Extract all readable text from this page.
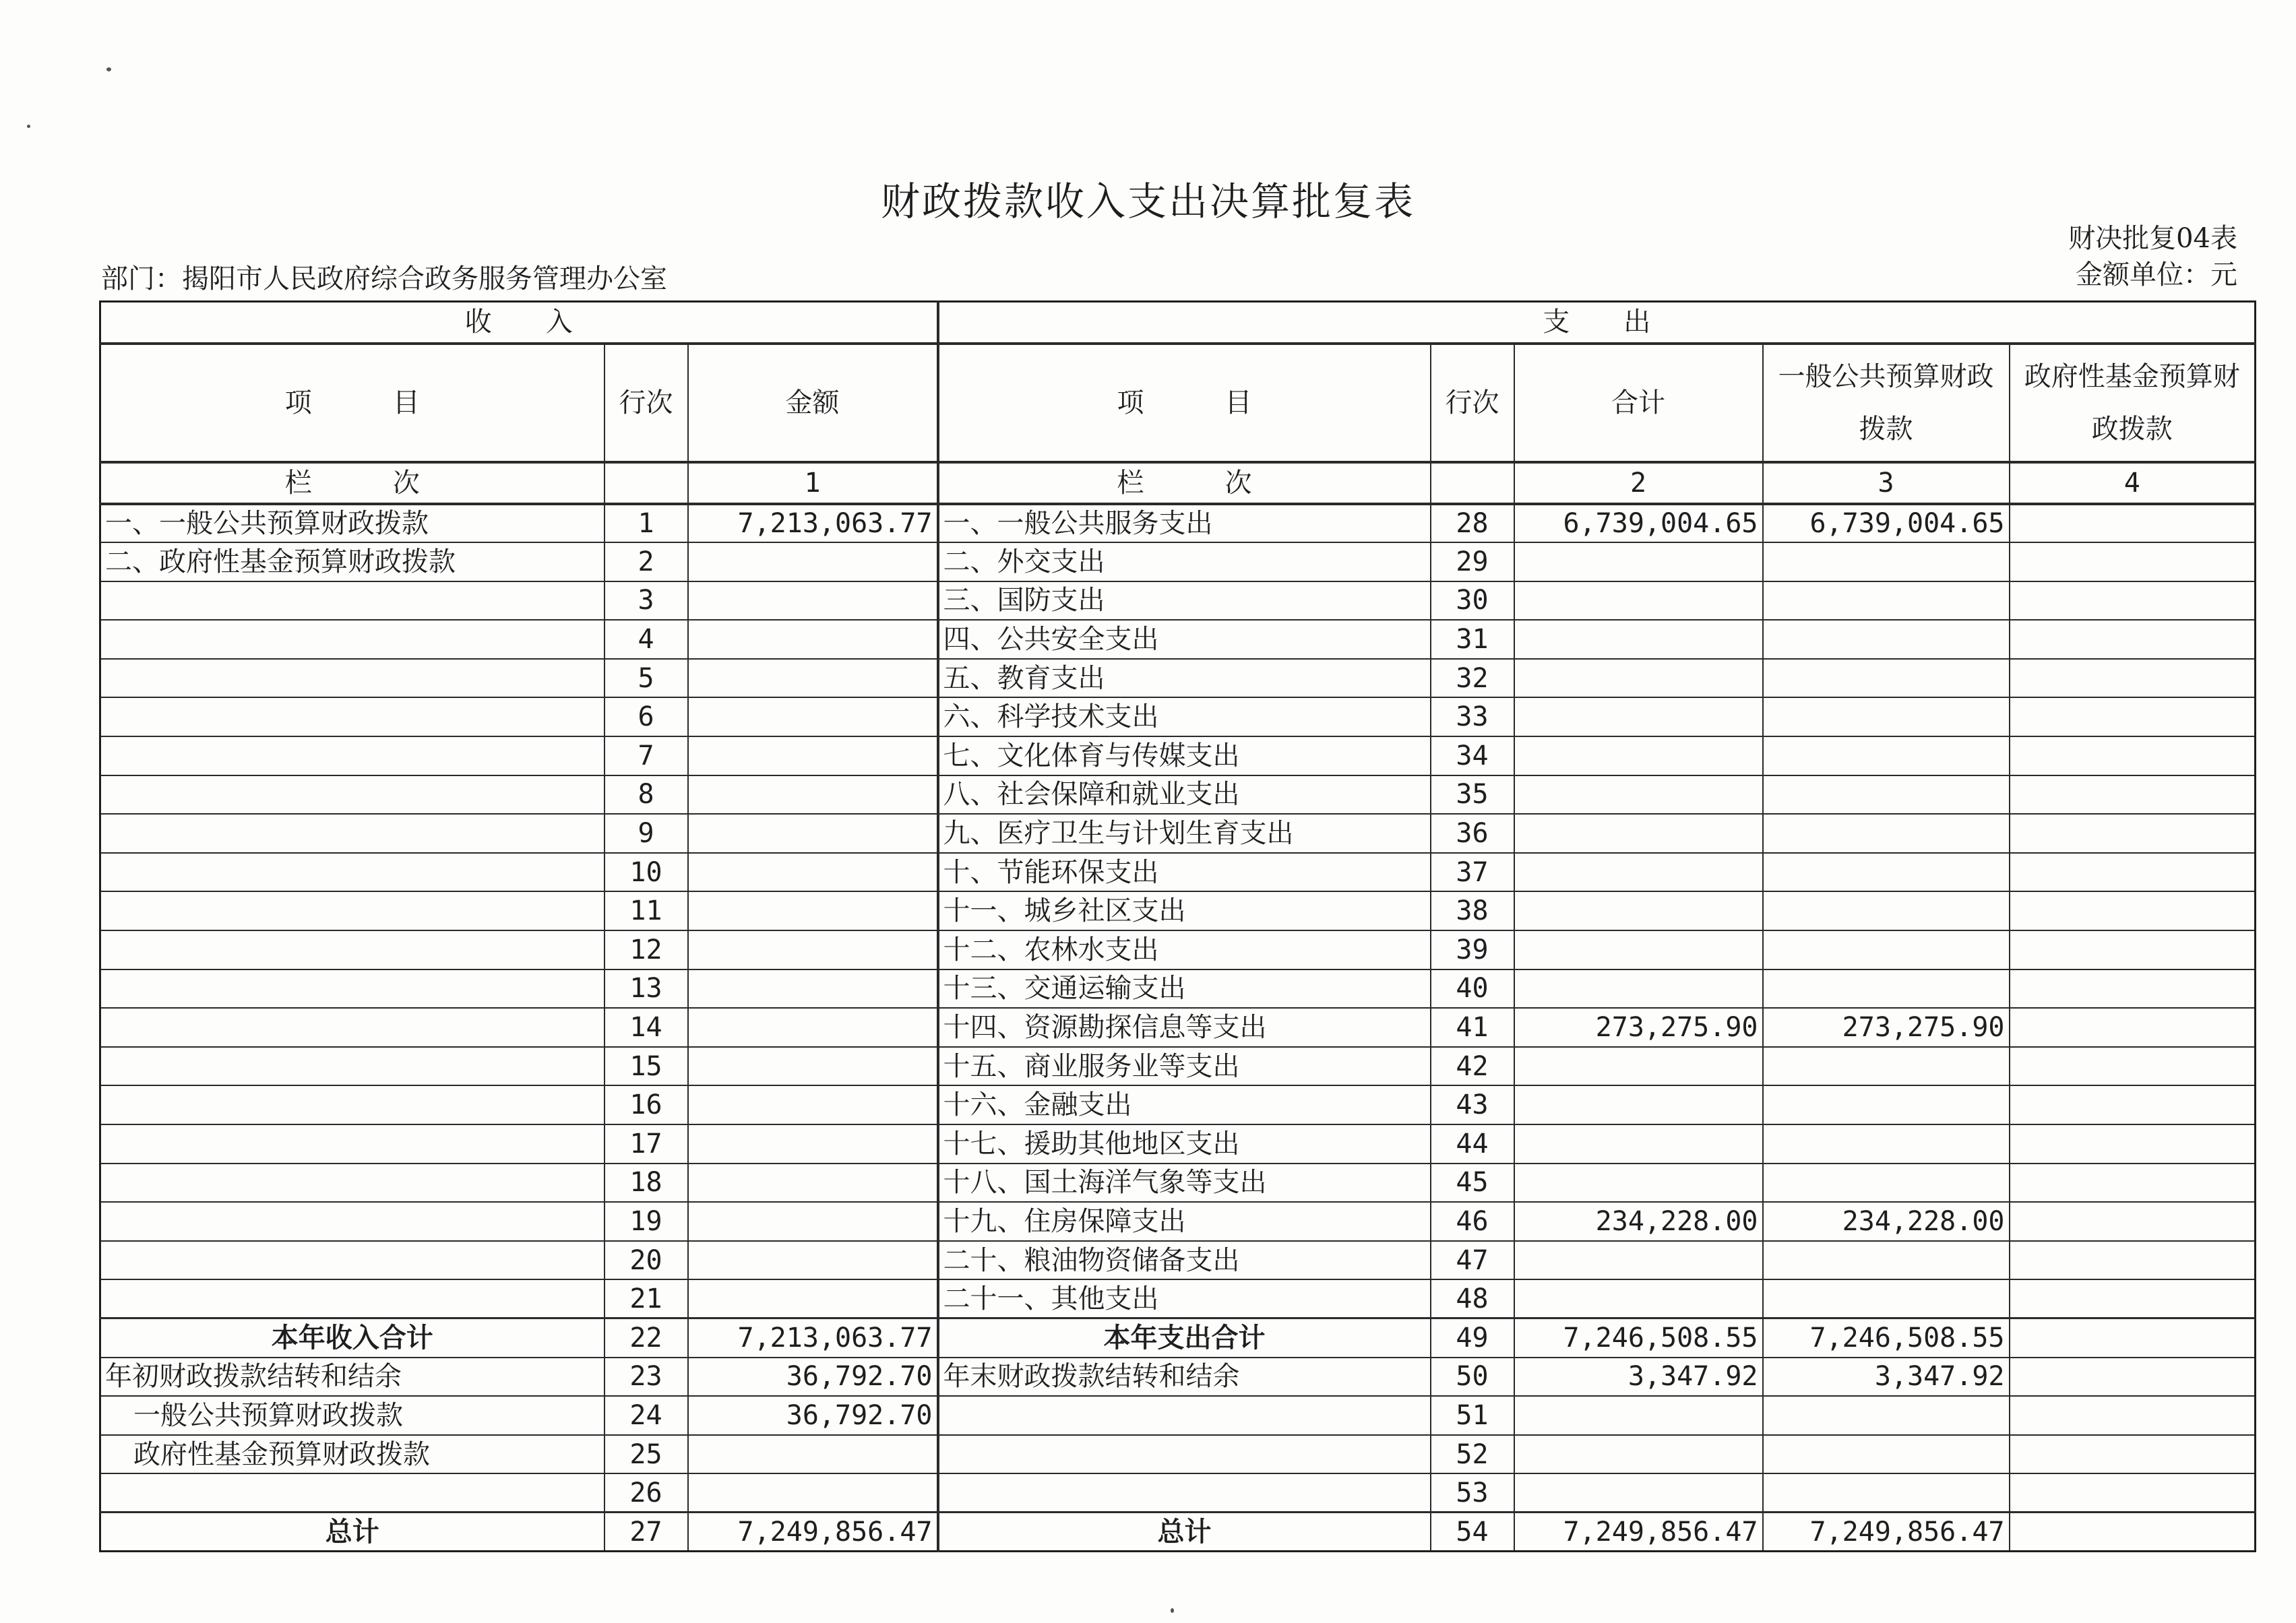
财政拨款收入支出决算批复表
财决批复04表
部门：揭阳市人民政府综合政务服务管理办公室	金额单位：元
收　　入			支　　出				
项　　　目	行次	金额	项　　　目	行次	合计	一般公共预算财政拨款	政府性基金预算财政拨款
栏　　　次		1	栏　　　次		2	3	4
一、一般公共预算财政拨款	1	7,213,063.77	一、一般公共服务支出	28	6,739,004.65	6,739,004.65	
二、政府性基金预算财政拨款	2		二、外交支出	29			
	3		三、国防支出	30			
	4		四、公共安全支出	31			
	5		五、教育支出	32			
	6		六、科学技术支出	33			
	7		七、文化体育与传媒支出	34			
	8		八、社会保障和就业支出	35			
	9		九、医疗卫生与计划生育支出	36			
	10		十、节能环保支出	37			
	11		十一、城乡社区支出	38			
	12		十二、农林水支出	39			
	13		十三、交通运输支出	40			
	14		十四、资源勘探信息等支出	41	273,275.90	273,275.90	
	15		十五、商业服务业等支出	42			
	16		十六、金融支出	43			
	17		十七、援助其他地区支出	44			
	18		十八、国土海洋气象等支出	45			
	19		十九、住房保障支出	46	234,228.00	234,228.00	
	20		二十、粮油物资储备支出	47			
	21		二十一、其他支出	48			
本年收入合计	22	7,213,063.77	本年支出合计	49	7,246,508.55	7,246,508.55	
年初财政拨款结转和结余	23	36,792.70	年末财政拨款结转和结余	50	3,347.92	3,347.92	
一般公共预算财政拨款	24	36,792.70		51			
政府性基金预算财政拨款	25			52			
	26			53			
总计	27	7,249,856.47	总计	54	7,249,856.47	7,249,856.47	
